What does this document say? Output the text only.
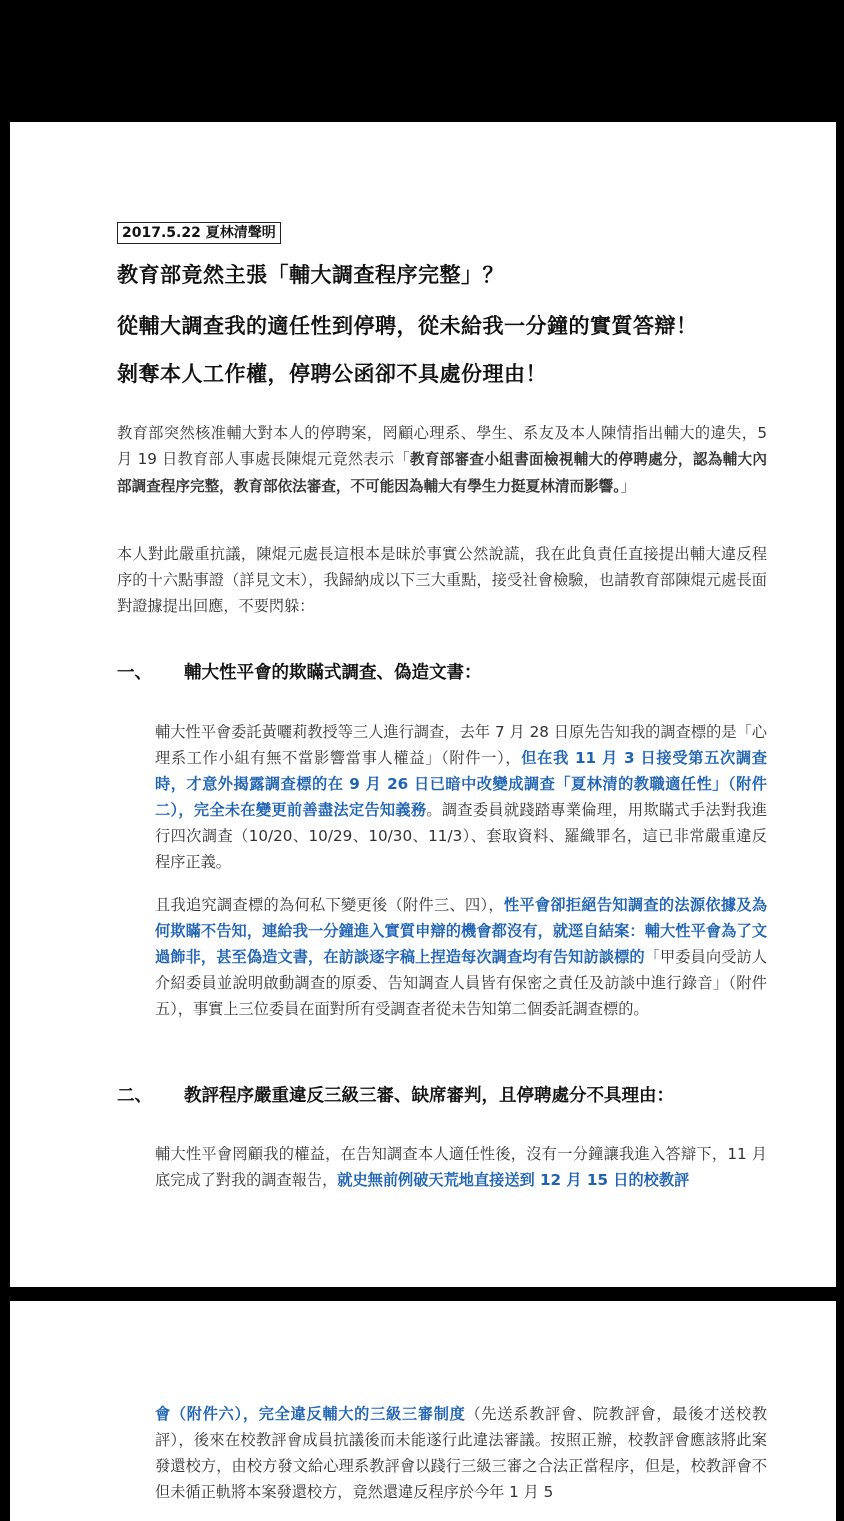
2017.5.22 夏林清聲明
教育部竟然主張「輔大調查程序完整」？
從輔大調查我的適任性到停聘，從未給我一分鐘的實質答辯！
剝奪本人工作權，停聘公函卻不具處份理由！
教育部突然核准輔大對本人的停聘案，罔顧心理系、學生、系友及本人陳情指出輔大的違失，5 月 19 日教育部人事處長陳焜元竟然表示「教育部審查小組書面檢視輔大的停聘處分，認為輔大內部調查程序完整，教育部依法審查，不可能因為輔大有學生力挺夏林清而影響。」
本人對此嚴重抗議，陳焜元處長這根本是昧於事實公然說謊，我在此負責任直接提出輔大違反程序的十六點事證（詳見文末），我歸納成以下三大重點，接受社會檢驗，也請教育部陳焜元處長面對證據提出回應，不要閃躲：
一、 輔大性平會的欺瞞式調查、偽造文書：
輔大性平會委託黃囇莉教授等三人進行調查，去年 7 月 28 日原先告知我的調查標的是「心理系工作小組有無不當影響當事人權益」（附件一），但在我 11 月 3 日接受第五次調查時，才意外揭露調查標的在 9 月 26 日已暗中改變成調查「夏林清的教職適任性」（附件二），完全未在變更前善盡法定告知義務。調查委員就踐踏專業倫理，用欺瞞式手法對我進行四次調查（10/20、10/29、10/30、11/3）、套取資料、羅織罪名，這已非常嚴重違反程序正義。
且我追究調查標的為何私下變更後（附件三、四），性平會卻拒絕告知調查的法源依據及為何欺瞞不告知，連給我一分鐘進入實質申辯的機會都沒有，就逕自結案：輔大性平會為了文過飾非，甚至偽造文書，在訪談逐字稿上捏造每次調查均有告知訪談標的「甲委員向受訪人介紹委員並說明啟動調查的原委、告知調查人員皆有保密之責任及訪談中進行錄音」（附件五），事實上三位委員在面對所有受調查者從未告知第二個委託調查標的。
二、 教評程序嚴重違反三級三審、缺席審判，且停聘處分不具理由：
輔大性平會罔顧我的權益，在告知調查本人適任性後，沒有一分鐘讓我進入答辯下，11 月底完成了對我的調查報告，就史無前例破天荒地直接送到 12 月 15 日的校教評
會（附件六），完全違反輔大的三級三審制度（先送系教評會、院教評會，最後才送校教評），後來在校教評會成員抗議後而未能遂行此違法審議。按照正辦，校教評會應該將此案發還校方，由校方發文給心理系教評會以踐行三級三審之合法正當程序，但是，校教評會不但未循正軌將本案發還校方，竟然還違反程序於今年 1 月 5
